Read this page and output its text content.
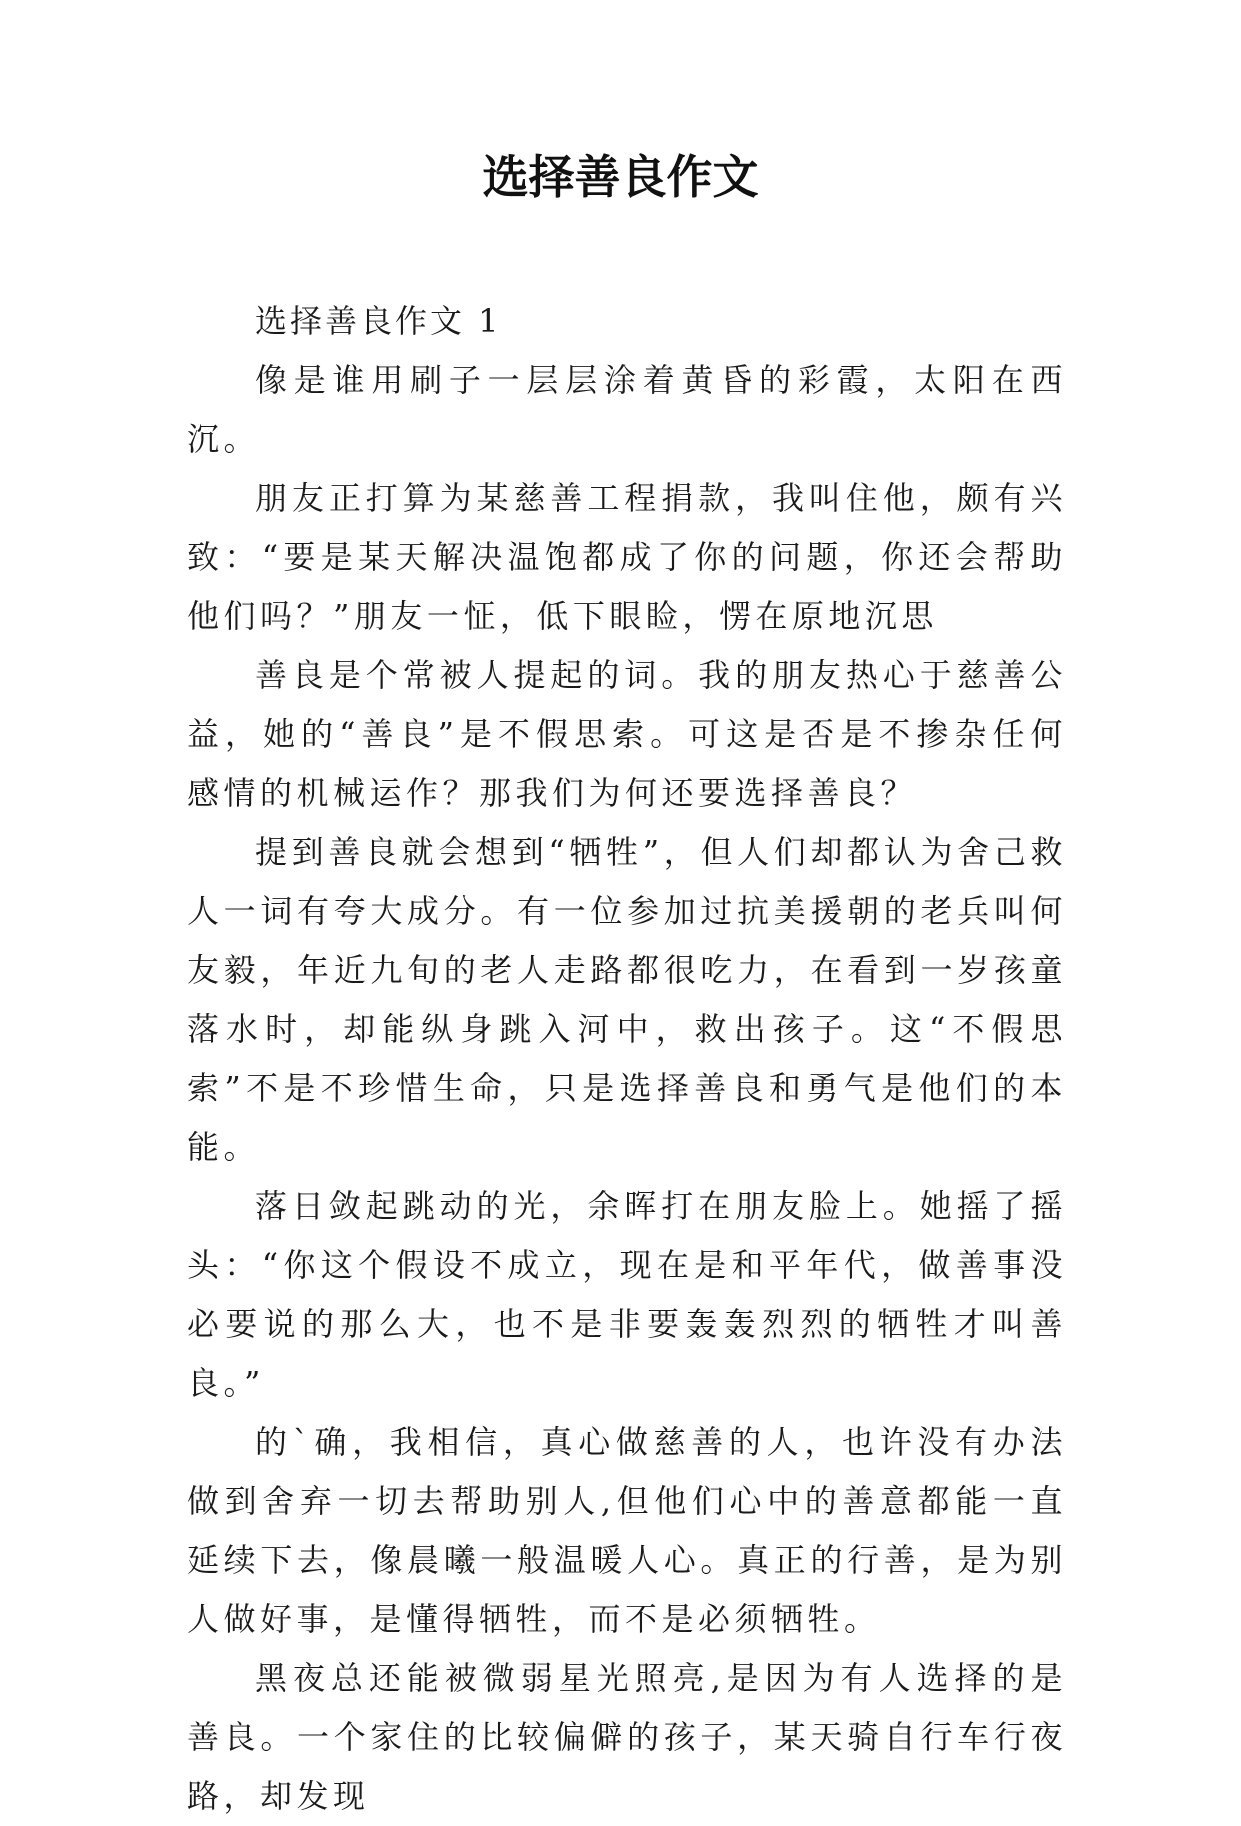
选择善良作文

选择善良作文 1

像是谁用刷子一层层涂着黄昏的彩霞，太阳在西沉。

朋友正打算为某慈善工程捐款，我叫住他，颇有兴致：“要是某天解决温饱都成了你的问题，你还会帮助他们吗？”朋友一怔，低下眼睑，愣在原地沉思

善良是个常被人提起的词。我的朋友热心于慈善公益，她的“善良”是不假思索。可这是否是不掺杂任何感情的机械运作？那我们为何还要选择善良？

提到善良就会想到“牺牲”，但人们却都认为舍己救人一词有夸大成分。有一位参加过抗美援朝的老兵叫何友毅，年近九旬的老人走路都很吃力，在看到一岁孩童落水时，却能纵身跳入河中，救出孩子。这“不假思索”不是不珍惜生命，只是选择善良和勇气是他们的本能。

落日敛起跳动的光，余晖打在朋友脸上。她摇了摇头：“你这个假设不成立，现在是和平年代，做善事没必要说的那么大，也不是非要轰轰烈烈的牺牲才叫善良。”

的`确，我相信，真心做慈善的人，也许没有办法做到舍弃一切去帮助别人,但他们心中的善意都能一直延续下去，像晨曦一般温暖人心。真正的行善，是为别人做好事，是懂得牺牲，而不是必须牺牲。

黑夜总还能被微弱星光照亮,是因为有人选择的是善良。一个家住的比较偏僻的孩子，某天骑自行车行夜路，却发现
